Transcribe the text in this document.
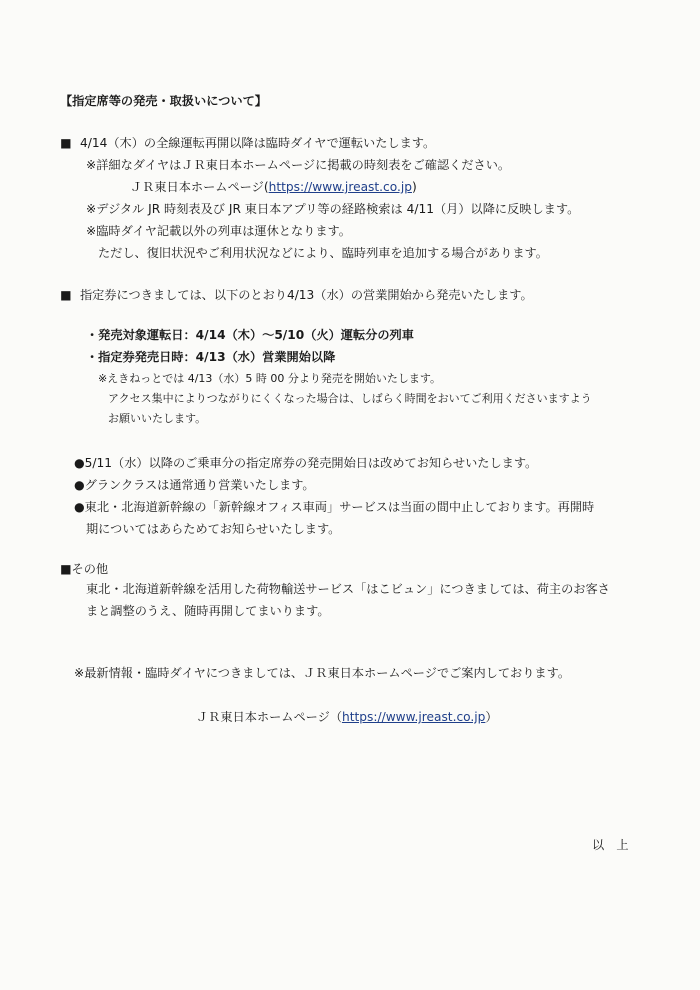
【指定席等の発売・取扱いについて】
■ 4/14（木）の全線運転再開以降は臨時ダイヤで運転いたします。
※詳細なダイヤはＪＲ東日本ホームページに掲載の時刻表をご確認ください。
ＪＲ東日本ホームページ(https://www.jreast.co.jp)
※デジタル JR 時刻表及び JR 東日本アプリ等の経路検索は 4/11（月）以降に反映します。
※臨時ダイヤ記載以外の列車は運休となります。
ただし、復旧状況やご利用状況などにより、臨時列車を追加する場合があります。
■ 指定券につきましては、以下のとおり4/13（水）の営業開始から発売いたします。
・発売対象運転日：4/14（木）～5/10（火）運転分の列車
・指定券発売日時：4/13（水）営業開始以降
※えきねっとでは 4/13（水）5 時 00 分より発売を開始いたします。
アクセス集中によりつながりにくくなった場合は、しばらく時間をおいてご利用くださいますよう
お願いいたします。
●5/11（水）以降のご乗車分の指定席券の発売開始日は改めてお知らせいたします。
●グランクラスは通常通り営業いたします。
●東北・北海道新幹線の「新幹線オフィス車両」サービスは当面の間中止しております。再開時
期についてはあらためてお知らせいたします。
■その他
東北・北海道新幹線を活用した荷物輸送サービス「はこビュン」につきましては、荷主のお客さ
まと調整のうえ、随時再開してまいります。
※最新情報・臨時ダイヤにつきましては、ＪＲ東日本ホームページでご案内しております。
ＪＲ東日本ホームページ（https://www.jreast.co.jp）
以　上
